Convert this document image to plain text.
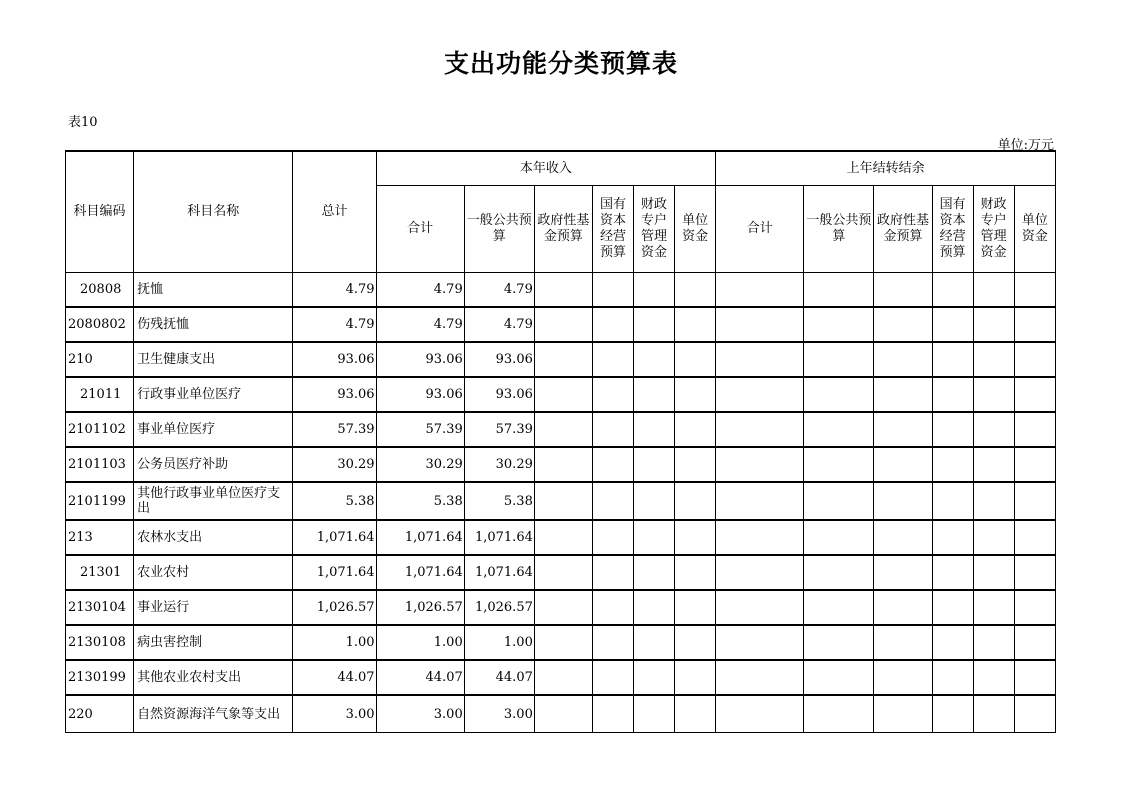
支出功能分类预算表
表10
单位:万元
科目编码	科目名称	总计	本年收入						上年结转结余					
			合计	一般公共预算	政府性基金预算	国有资本经营预算	财政专户管理资金	单位资金	合计	一般公共预算	政府性基金预算	国有资本经营预算	财政专户管理资金	单位资金
20808	抚恤	4.79	4.79	4.79										
2080802	伤残抚恤	4.79	4.79	4.79										
210	卫生健康支出	93.06	93.06	93.06										
21011	行政事业单位医疗	93.06	93.06	93.06										
2101102	事业单位医疗	57.39	57.39	57.39										
2101103	公务员医疗补助	30.29	30.29	30.29										
2101199	其他行政事业单位医疗支出	5.38	5.38	5.38										
213	农林水支出	1,071.64	1,071.64	1,071.64										
21301	农业农村	1,071.64	1,071.64	1,071.64										
2130104	事业运行	1,026.57	1,026.57	1,026.57										
2130108	病虫害控制	1.00	1.00	1.00										
2130199	其他农业农村支出	44.07	44.07	44.07										
220	自然资源海洋气象等支出	3.00	3.00	3.00										
